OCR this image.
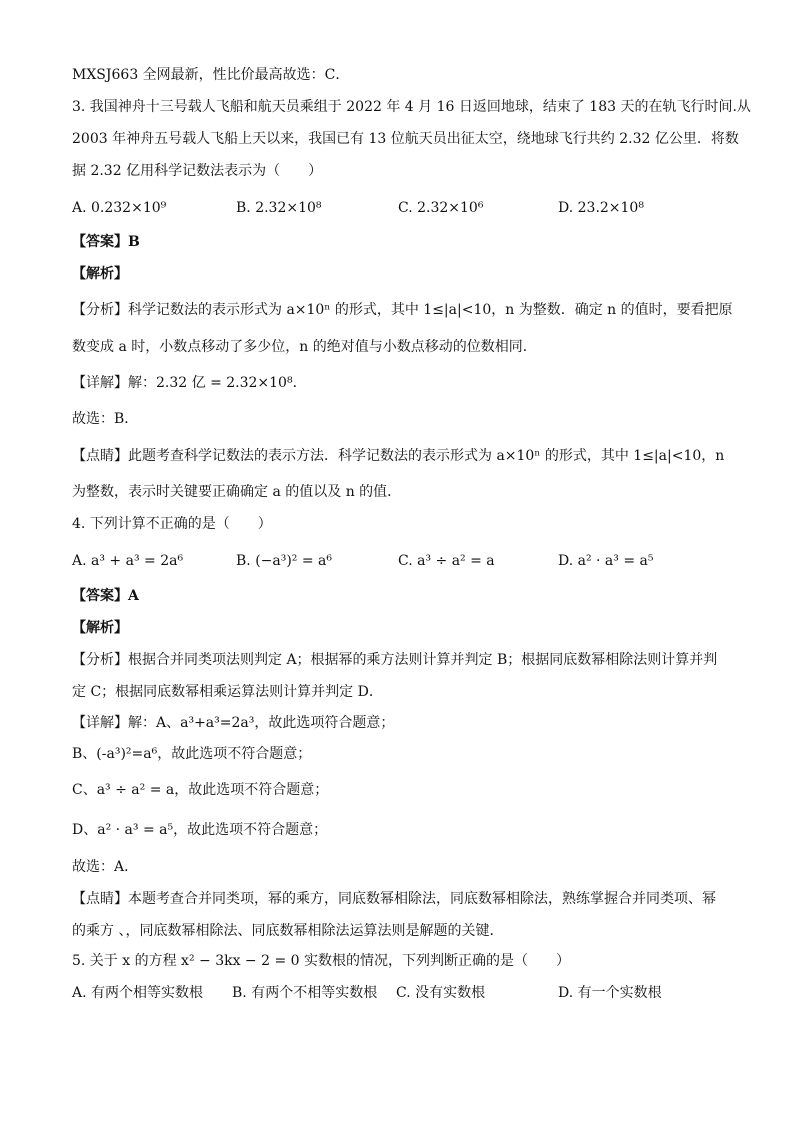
MXSJ663 全网最新，性比价最高故选：C．
3. 我国神舟十三号载人飞船和航天员乘组于 2022 年 4 月 16 日返回地球，结束了 183 天的在轨飞行时间.从
2003 年神舟五号载人飞船上天以来，我国已有 13 位航天员出征太空，绕地球飞行共约 2.32 亿公里．将数
据 2.32 亿用科学记数法表示为（　　）
A. 0.232×10⁹	B. 2.32×10⁸	C. 2.32×10⁶	D. 23.2×10⁸
【答案】B
【解析】
【分析】科学记数法的表示形式为 a×10ⁿ 的形式，其中 1≤|a|<10，n 为整数．确定 n 的值时，要看把原
数变成 a 时，小数点移动了多少位，n 的绝对值与小数点移动的位数相同．
【详解】解：2.32 亿 = 2.32×10⁸．
故选：B．
【点睛】此题考查科学记数法的表示方法．科学记数法的表示形式为 a×10ⁿ 的形式，其中 1≤|a|<10，n
为整数，表示时关键要正确确定 a 的值以及 n 的值．
4. 下列计算不正确的是（　　）
A. a³ + a³ = 2a⁶	B. (−a³)² = a⁶	C. a³ ÷ a² = a	D. a² · a³ = a⁵
【答案】A
【解析】
【分析】根据合并同类项法则判定 A；根据幂的乘方法则计算并判定 B；根据同底数幂相除法则计算并判
定 C；根据同底数幂相乘运算法则计算并判定 D．
【详解】解：A、a³+a³=2a³，故此选项符合题意；
B、(-a³)²=a⁶，故此选项不符合题意；
C、a³ ÷ a² = a，故此选项不符合题意；
D、a² · a³ = a⁵，故此选项不符合题意；
故选：A．
【点睛】本题考查合并同类项，幂的乘方，同底数幂相除法，同底数幂相除法，熟练掌握合并同类项、幂
的乘方 、，同底数幂相除法、同底数幂相除法运算法则是解题的关键．
5. 关于 x 的方程 x² − 3kx − 2 = 0 实数根的情况，下列判断正确的是（　　）
A. 有两个相等实数根 B. 有两个不相等实数根 C. 没有实数根	D. 有一个实数根
